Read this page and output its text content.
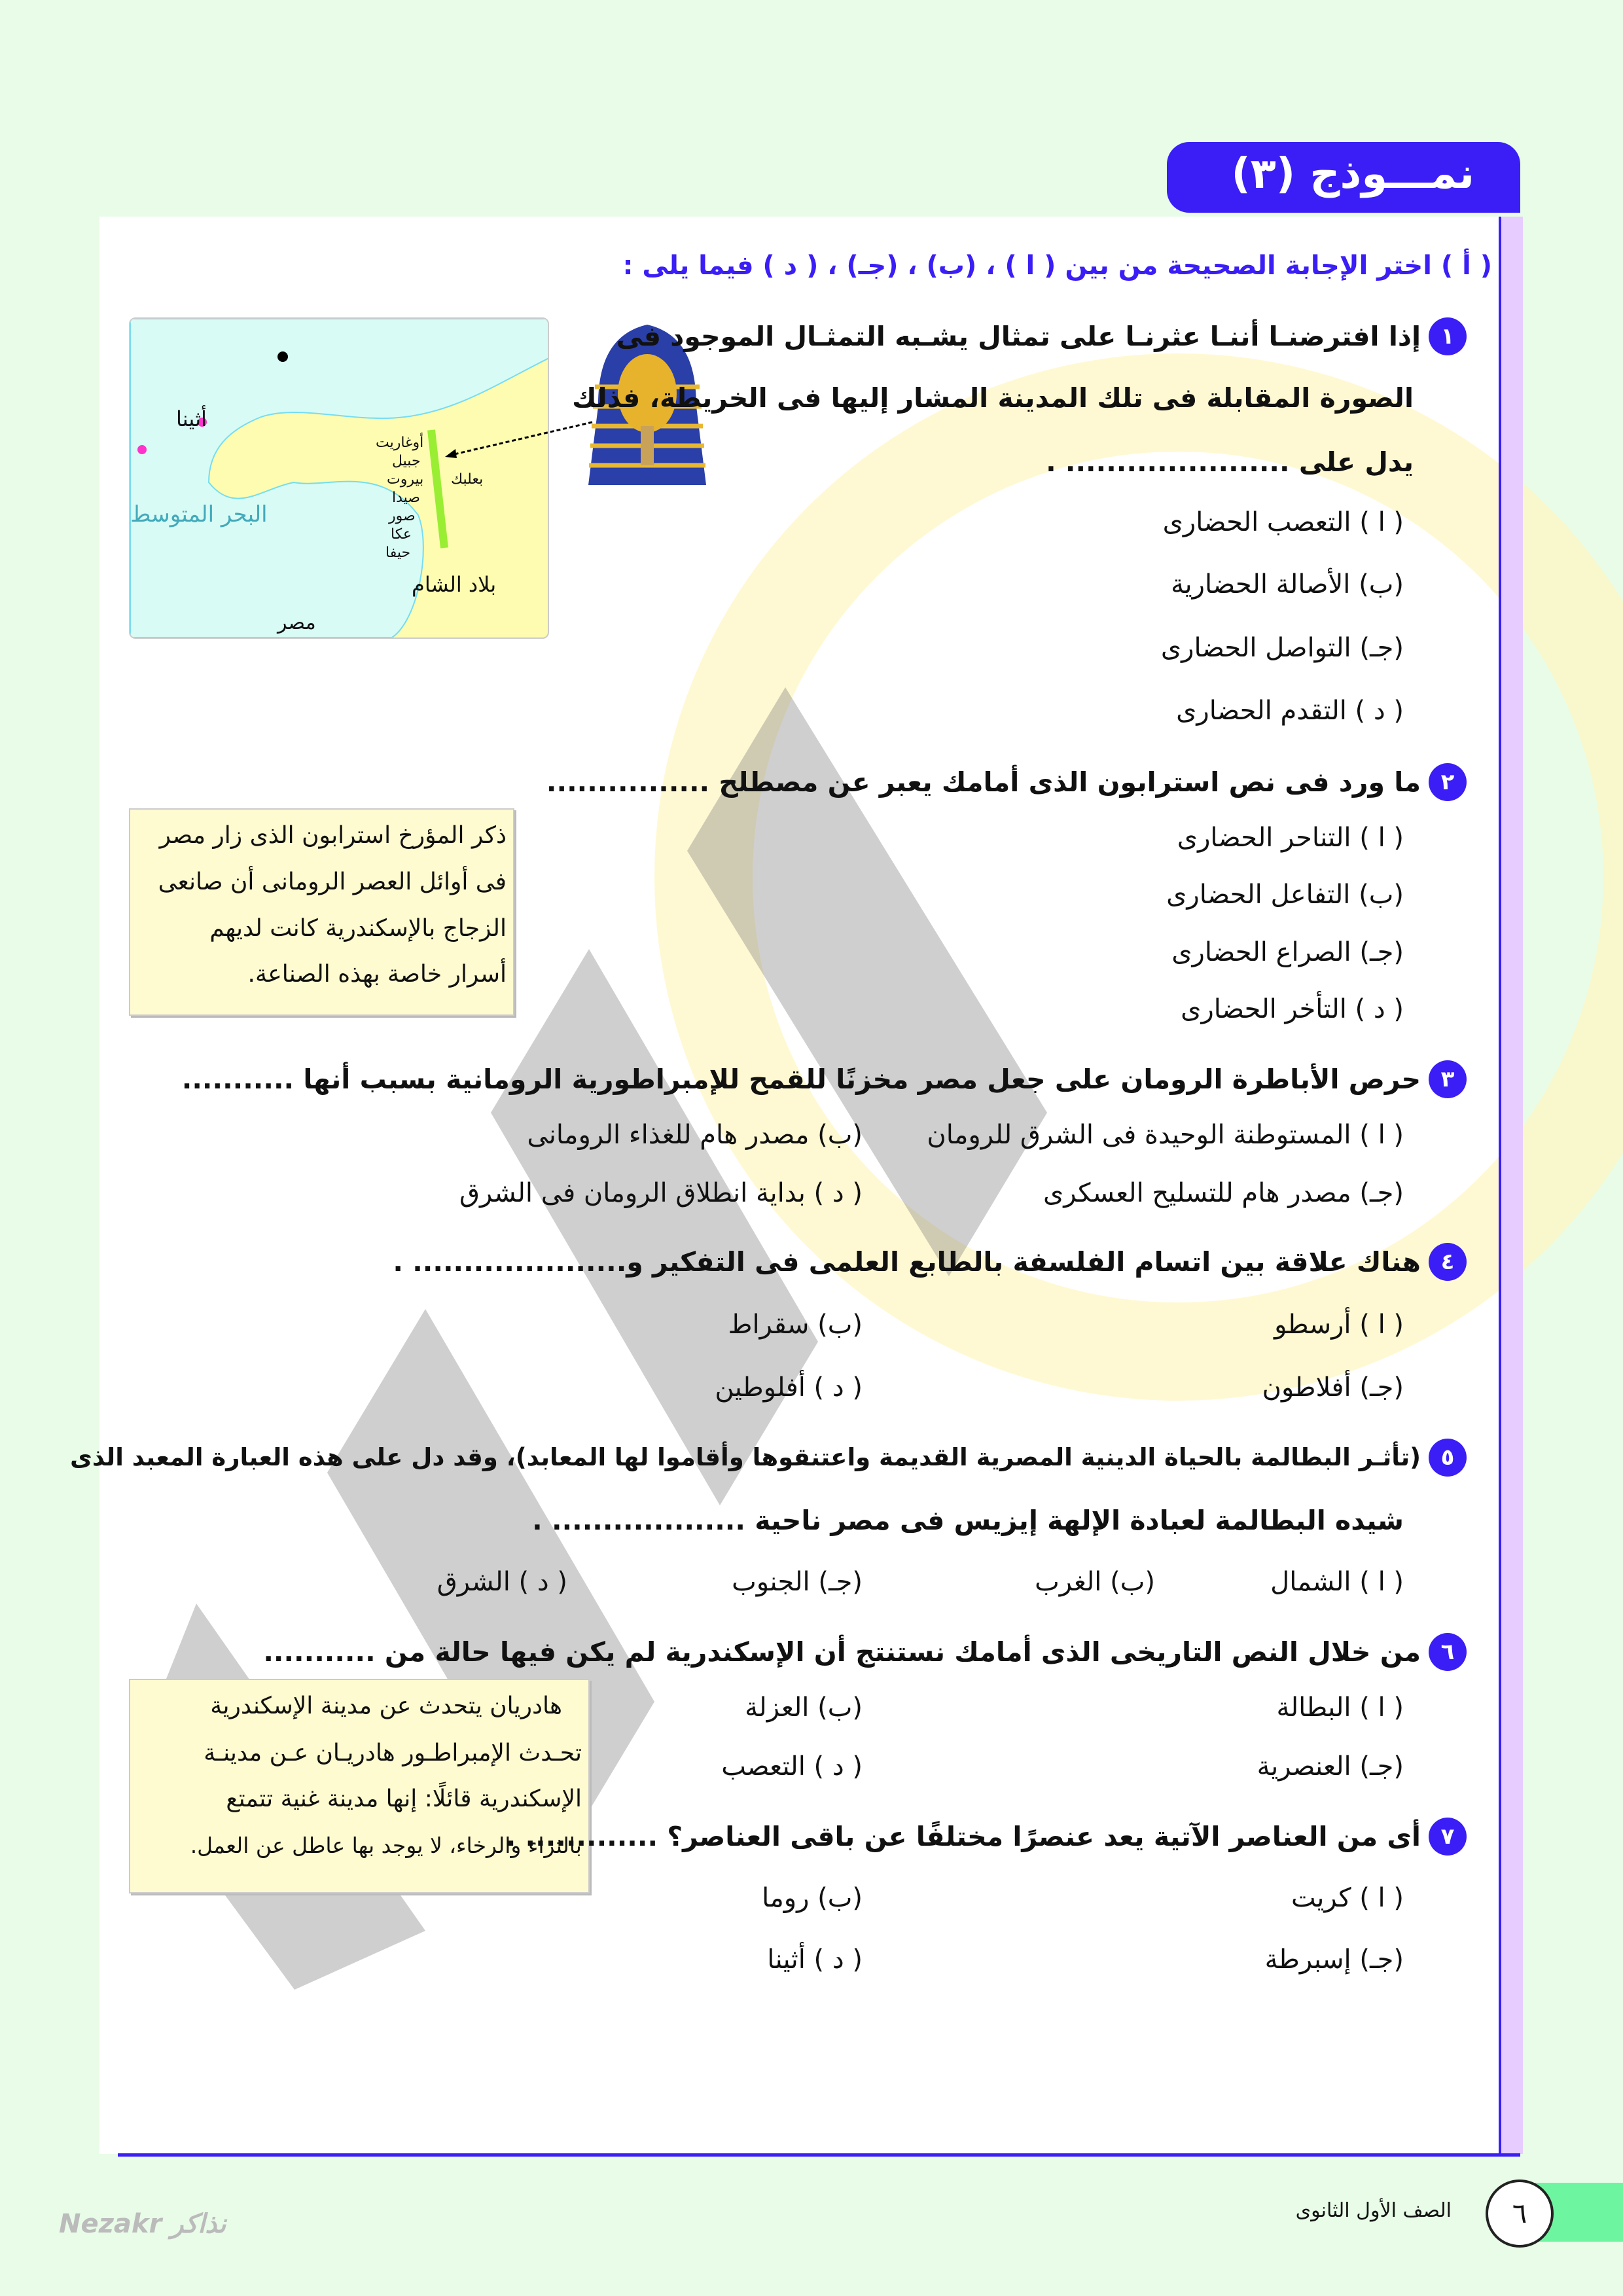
نمـــوذج (٣)
( أ ) اختر الإجابة الصحيحة من بين ( ا ) ، (ب) ، (جـ) ، ( د ) فيما يلى :
أثينا
أوغاريت
جبيل
بيروت
صيدا
صور
عكا
حيفا
بعلبك
البحر المتوسط
بلاد الشام
مصر
١
إذا افترضنـا أننـا عثرنـا على تمثال يشـبه التمثـال الموجود فى
الصورة المقابلة فى تلك المدينة المشار إليها فى الخريطة، فذلك
يدل على ...................... .
( ا ) التعصب الحضارى
(ب) الأصالة الحضارية
(جـ) التواصل الحضارى
( د ) التقدم الحضارى
٢
ما ورد فى نص استرابون الذى أمامك يعبر عن مصطلح ................
( ا ) التناحر الحضارى
(ب) التفاعل الحضارى
(جـ) الصراع الحضارى
( د ) التأخر الحضارى
ذكر المؤرخ استرابون الذى زار مصر
فى أوائل العصر الرومانى أن صانعى
الزجاج بالإسكندرية كانت لديهم
أسرار خاصة بهذه الصناعة.
٣
حرص الأباطرة الرومان على جعل مصر مخزنًا للقمح للإمبراطورية الرومانية بسبب أنها ...........
( ا ) المستوطنة الوحيدة فى الشرق للرومان
(ب) مصدر هام للغذاء الرومانى
(جـ) مصدر هام للتسليح العسكرى
( د ) بداية انطلاق الرومان فى الشرق
٤
هناك علاقة بين اتسام الفلسفة بالطابع العلمى فى التفكير و..................... .
( ا ) أرسطو
(ب) سقراط
(جـ) أفلاطون
( د ) أفلوطين
٥
(تأثـر البطالمة بالحياة الدينية المصرية القديمة واعتنقوها وأقاموا لها المعابد)، وقد دل على هذه العبارة المعبد الذى
شيده البطالمة لعبادة الإلهة إيزيس فى مصر ناحية ................... .
( ا ) الشمال
(ب) الغرب
(جـ) الجنوب
( د ) الشرق
٦
من خلال النص التاريخى الذى أمامك نستنتج أن الإسكندرية لم يكن فيها حالة من ...........
( ا ) البطالة
(ب) العزلة
(جـ) العنصرية
( د ) التعصب
هادريان يتحدث عن مدينة الإسكندرية
تحـدث الإمبراطـور هادريـان عـن مدينـة
الإسكندرية قائلًا: إنها مدينة غنية تتمتع
بالثراء والرخاء، لا يوجد بها عاطل عن العمل.	٧
أى من العناصر الآتية يعد عنصرًا مختلفًا عن باقى العناصر؟ ............. .
( ا ) كريت
(ب) روما
(جـ) إسبرطة
( د ) أثينا
٦
الصف الأول الثانوى
Nezakr نذاكر
